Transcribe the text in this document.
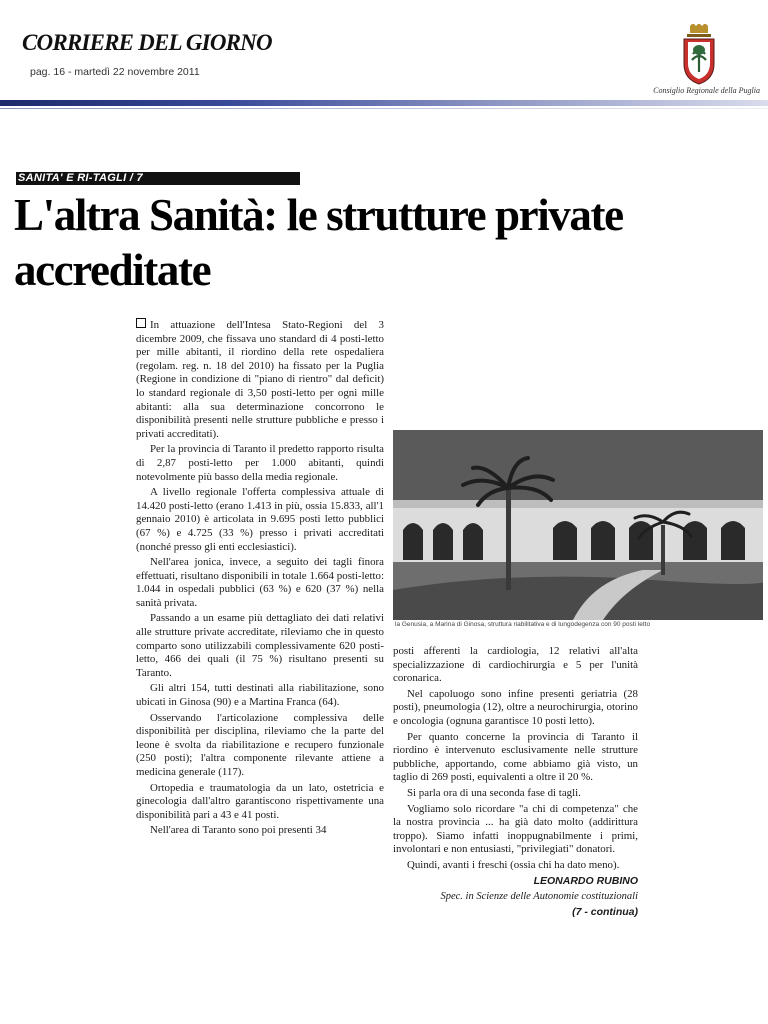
CORRIERE DEL GIORNO
pag. 16 - martedì 22 novembre 2011
Consiglio Regionale della Puglia
SANITA' E RI-TAGLI / 7
L'altra Sanità: le strutture private accreditate

In attuazione dell'Intesa Stato-Regioni del 3 dicembre 2009, che fissava uno standard di 4 posti-letto per mille abitanti, il riordino della rete ospedaliera (regolam. reg. n. 18 del 2010) ha fissato per la Puglia (Regione in condizione di "piano di rientro" dal deficit) lo standard regionale di 3,50 posti-letto per ogni mille abitanti: alla sua determinazione concorrono le disponibilità presenti nelle strutture pubbliche e presso i privati accreditati).

Per la provincia di Taranto il predetto rapporto risulta di 2,87 posti-letto per 1.000 abitanti, quindi notevolmente più basso della media regionale.

A livello regionale l'offerta complessiva attuale di 14.420 posti-letto (erano 1.413 in più, ossia 15.833, all'1 gennaio 2010) è articolata in 9.695 posti letto pubblici (67 %) e 4.725 (33 %) presso i privati accreditati (nonché presso gli enti ecclesiastici).

Nell'area jonica, invece, a seguito dei tagli finora effettuati, risultano disponibili in totale 1.664 posti-letto: 1.044 in ospedali pubblici (63 %) e 620 (37 %) nella sanità privata.

Passando a un esame più dettagliato dei dati relativi alle strutture private accreditate, rileviamo che in questo comparto sono utilizzabili complessivamente 620 posti-letto, 466 dei quali (il 75 %) risultano presenti su Taranto.

Gli altri 154, tutti destinati alla riabilitazione, sono ubicati in Ginosa (90) e a Martina Franca (64).

Osservando l'articolazione complessiva delle disponibilità per disciplina, rileviamo che la parte del leone è svolta da riabilitazione e recupero funzionale (250 posti); l'altra componente rilevante attiene a medicina generale (117).

Ortopedia e traumatologia da un lato, ostetricia e ginecologia dall'altro garantiscono rispettivamente una disponibilità pari a 43 e 41 posti.

Nell'area di Taranto sono poi presenti 34

la Genusia, a Marina di Ginosa, struttura riabilitativa e di lungodegenza con 90 posti letto

posti afferenti la cardiologia, 12 relativi all'alta specializzazione di cardiochirurgia e 5 per l'unità coronarica.

Nel capoluogo sono infine presenti geriatria (28 posti), pneumologia (12), oltre a neurochirurgia, otorino e oncologia (ognuna garantisce 10 posti letto).

Per quanto concerne la provincia di Taranto il riordino è intervenuto esclusivamente nelle strutture pubbliche, apportando, come abbiamo già visto, un taglio di 269 posti, equivalenti a oltre il 20 %.

Si parla ora di una seconda fase di tagli.

Vogliamo solo ricordare "a chi di competenza" che la nostra provincia ... ha già dato molto (addirittura troppo). Siamo infatti inoppugnabilmente i primi, involontari e non entusiasti, "privilegiati" donatori.

Quindi, avanti i freschi (ossia chi ha dato meno).

LEONARDO RUBINO

Spec. in Scienze delle Autonomie costituzionali

(7 - continua)
